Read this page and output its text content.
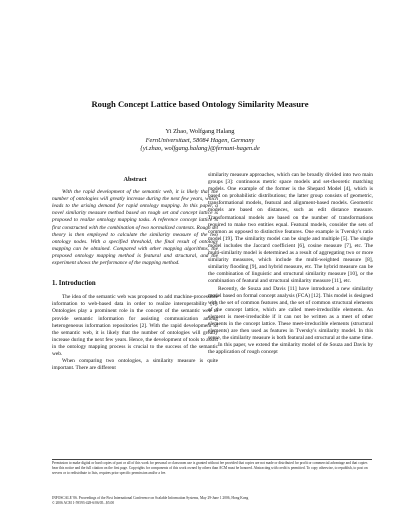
Rough Concept Lattice based Ontology Similarity Measure
Yi Zhao, Wolfgang Halang
FernUniversitaet, 58084 Hagen, Germany
{yi.zhao, wolfgang.halang}@fernuni-hagen.de
Abstract

With the rapid development of the semantic web, it is likely that the number of ontologies will greatly increase during the next few years, which leads to the arising demand for rapid ontology mapping. In this paper, a novel similarity measure method based on rough set and concept lattice is proposed to realize ontology mapping tasks. A reference concept lattice is first constructed with the combination of two normalized contexts. Rough set theory is then employed to calculate the similarity measure of the two ontology nodes. With a specified threshold, the final result of ontology mapping can be obtained. Compared with other mapping algorithms, the proposed ontology mapping method is featural and structural, and the experiment shows the performance of the mapping method.

1. Introduction

The idea of the semantic web was proposed to add machine-processible information to web-based data in order to realize interoperability [1]. Ontologies play a prominent role in the concept of the semantic web to provide semantic information for assisting communication among heterogeneous information repositories [2]. With the rapid development of the semantic web, it is likely that the number of ontologies will greatly increase during the next few years. Hence, the development of tools to assist in the ontology mapping process is crucial to the success of the semantic web.

When comparing two ontologies, a similarity measure is quite important. There are different

similarity measure approaches, which can be broadly divided into two main groups [3]: continuous metric space models and set-theoretic matching models. One example of the former is the Shepard Model [4], which is based on probabilistic distributions; the latter group consists of geometric, transformational models, featural and alignment-based models. Geometric models are based on distances, such as edit distance measure. Transformational models are based on the number of transformations required to make two entities equal. Featural models, consider the sets of common as opposed to distinctive features. One example is Tversky's ratio model [19]. The similarity model can be single and multiple [5]. The single model includes the Jaccard coefficient [6], cosine measure [7], etc. The multi-similarity model is determined as a result of aggregating two or more similarity measures, which include the multi-weighted measure [8], similarity flooding [9], and hybrid measure, etc. The hybrid measure can be the combination of linguistic and structural similarity measure [10], or the combination of featural and structural similarity measure [11], etc.

Recently, de Souza and Davis [11] have introduced a new similarity model based on formal concept analysis (FCA) [12]. This model is designed with the set of common features and, the set of common structural elements of the concept lattice, which are called meet-irreducible elements. An element is meet-irreducible if it can not be written as a meet of other elements in the concept lattice. These meet-irreducible elements (structural elements) are then used as features in Tversky's similarity model. In this sense, the similarity measure is both featural and structural at the same time.

In this paper, we extend the similarity model of de Souza and Davis by the application of rough concept

Permission to make digital or hard copies of part or all of this work for personal or classroom use is granted without fee provided that copies are not made or distributed for profit or commercial advantage and that copies bear this notice and the full citation on the first page. Copyrights for components of this work owned by others than ACM must be honored. Abstracting with credit is permitted. To copy otherwise, to republish, to post on servers or to redistribute to lists, requires prior specific permission and/or a fee.
INFOSCALE '06. Proceedings of the First International Conference on Scalable Information Systems, May 29-June 1 2006, Hong Kong
© 2006 ACM 1-59593-428-6/06/05...$5.00
